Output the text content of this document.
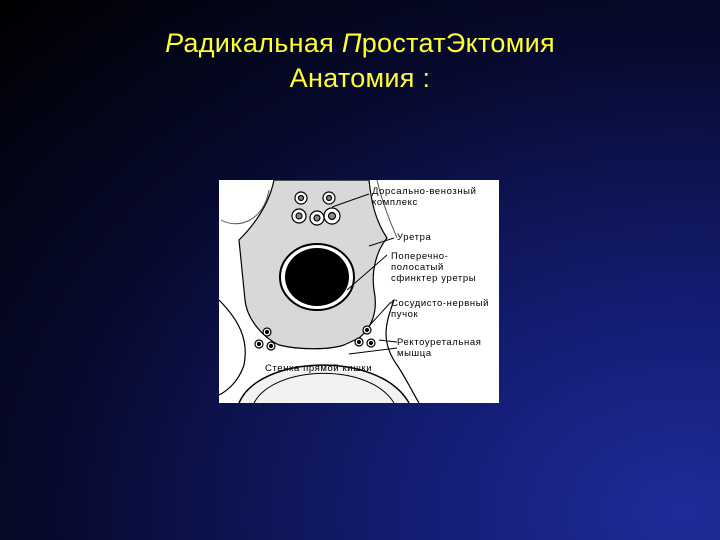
Радикальная ПростатЭктомия
Анатомия :
Дорсально-венозный
комплекс
Уретра
Поперечно-
полосатый
сфинктер уретры
Сосудисто-нервный
пучок
Ректоуретальная
мышца
Стенка прямой кишки
